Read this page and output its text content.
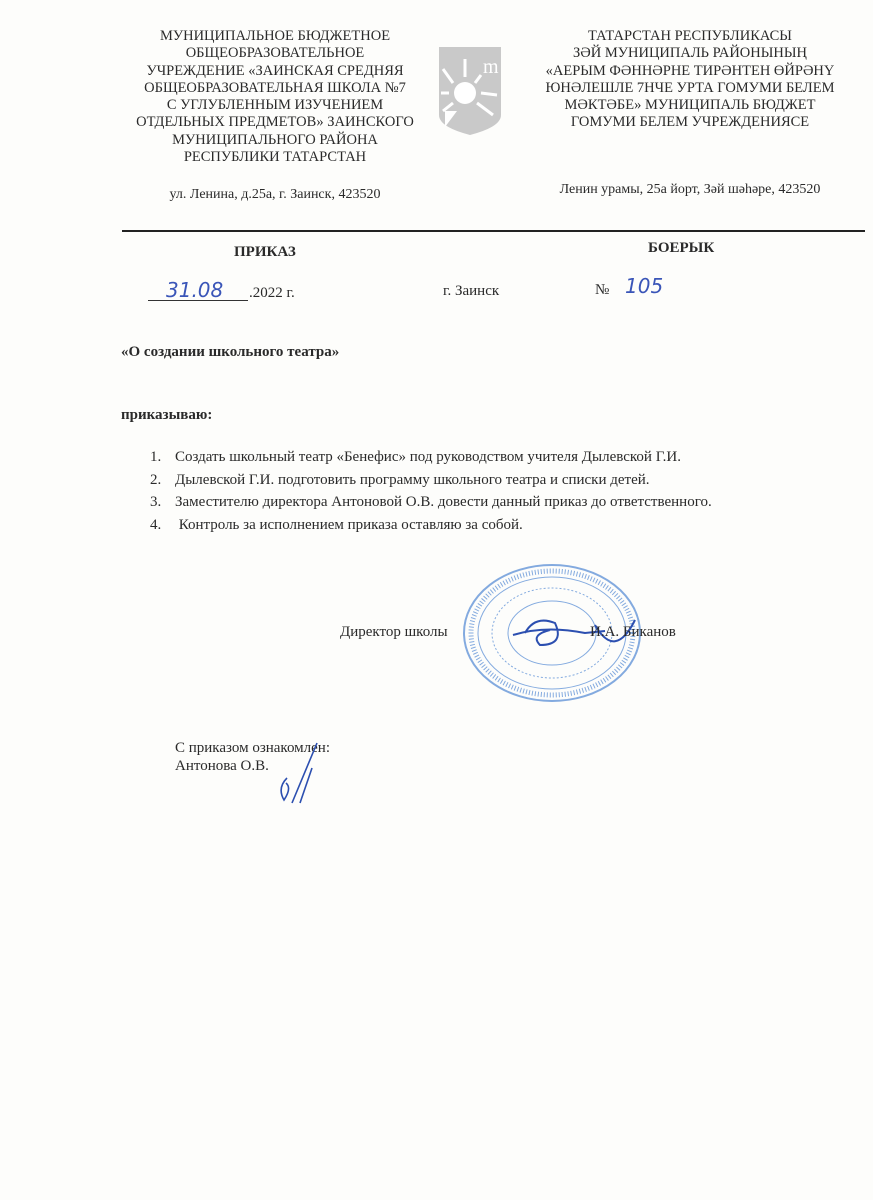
МУНИЦИПАЛЬНОЕ БЮДЖЕТНОЕ
ОБЩЕОБРАЗОВАТЕЛЬНОЕ
УЧРЕЖДЕНИЕ «ЗАИНСКАЯ СРЕДНЯЯ
ОБЩЕОБРАЗОВАТЕЛЬНАЯ ШКОЛА №7
С УГЛУБЛЕННЫМ ИЗУЧЕНИЕМ
ОТДЕЛЬНЫХ ПРЕДМЕТОВ» ЗАИНСКОГО
МУНИЦИПАЛЬНОГО РАЙОНА
РЕСПУБЛИКИ ТАТАРСТАН
ул. Ленина, д.25а, г. Заинск, 423520
m
ТАТАРСТАН РЕСПУБЛИКАСЫ
ЗӘЙ МУНИЦИПАЛЬ РАЙОНЫНЫҢ
«АЕРЫМ ФӘННӘРНЕ ТИРӘНТЕН ӨЙРӘНҮ
ЮНӘЛЕШЛЕ 7НЧЕ УРТА ГОМУМИ БЕЛЕМ
МӘКТӘБЕ» МУНИЦИПАЛЬ БЮДЖЕТ
ГОМУМИ БЕЛЕМ УЧРЕЖДЕНИЯСЕ
Ленин урамы, 25а йорт, Зәй шәһәре, 423520
ПРИКАЗ	БОЕРЫК
31.08 .2022 г.	г. Заинск	№ 105
«О создании школьного театра»
приказываю:
1. Создать школьный театр «Бенефис» под руководством учителя Дылевской Г.И.
2. Дылевской Г.И. подготовить программу школьного театра и списки детей.
3. Заместителю директора Антоновой О.В. довести данный приказ до ответственного.
4. Контроль за исполнением приказа оставляю за собой.
Директор школы	И.А. Биканов
С приказом ознакомлен:
Антонова О.В.
